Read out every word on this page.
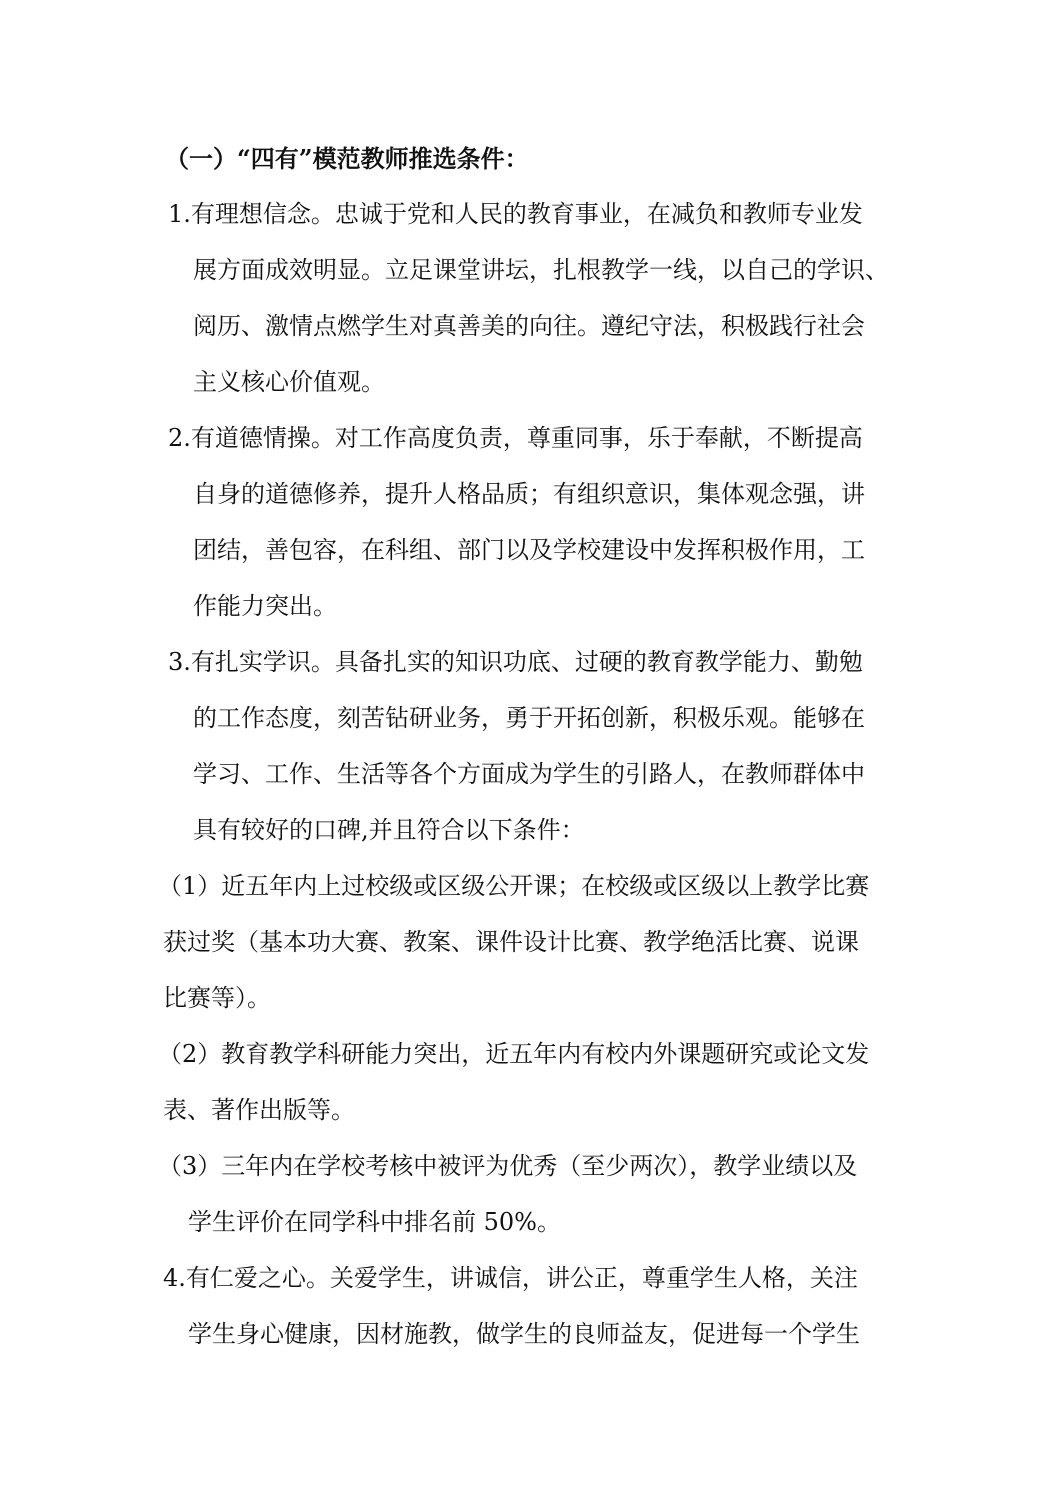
（一）“四有”模范教师推选条件：
1.有理想信念。忠诚于党和人民的教育事业，在减负和教师专业发
展方面成效明显。立足课堂讲坛，扎根教学一线，以自己的学识、
阅历、激情点燃学生对真善美的向往。遵纪守法，积极践行社会
主义核心价值观。
2.有道德情操。对工作高度负责，尊重同事，乐于奉献，不断提高
自身的道德修养，提升人格品质；有组织意识，集体观念强，讲
团结，善包容，在科组、部门以及学校建设中发挥积极作用，工
作能力突出。
3.有扎实学识。具备扎实的知识功底、过硬的教育教学能力、勤勉
的工作态度，刻苦钻研业务，勇于开拓创新，积极乐观。能够在
学习、工作、生活等各个方面成为学生的引路人，在教师群体中
具有较好的口碑,并且符合以下条件：
（1）近五年内上过校级或区级公开课；在校级或区级以上教学比赛
获过奖（基本功大赛、教案、课件设计比赛、教学绝活比赛、说课
比赛等）。
（2）教育教学科研能力突出，近五年内有校内外课题研究或论文发
表、著作出版等。
（3）三年内在学校考核中被评为优秀（至少两次），教学业绩以及
学生评价在同学科中排名前 50%。
4.有仁爱之心。关爱学生，讲诚信，讲公正，尊重学生人格，关注
学生身心健康，因材施教，做学生的良师益友，促进每一个学生
